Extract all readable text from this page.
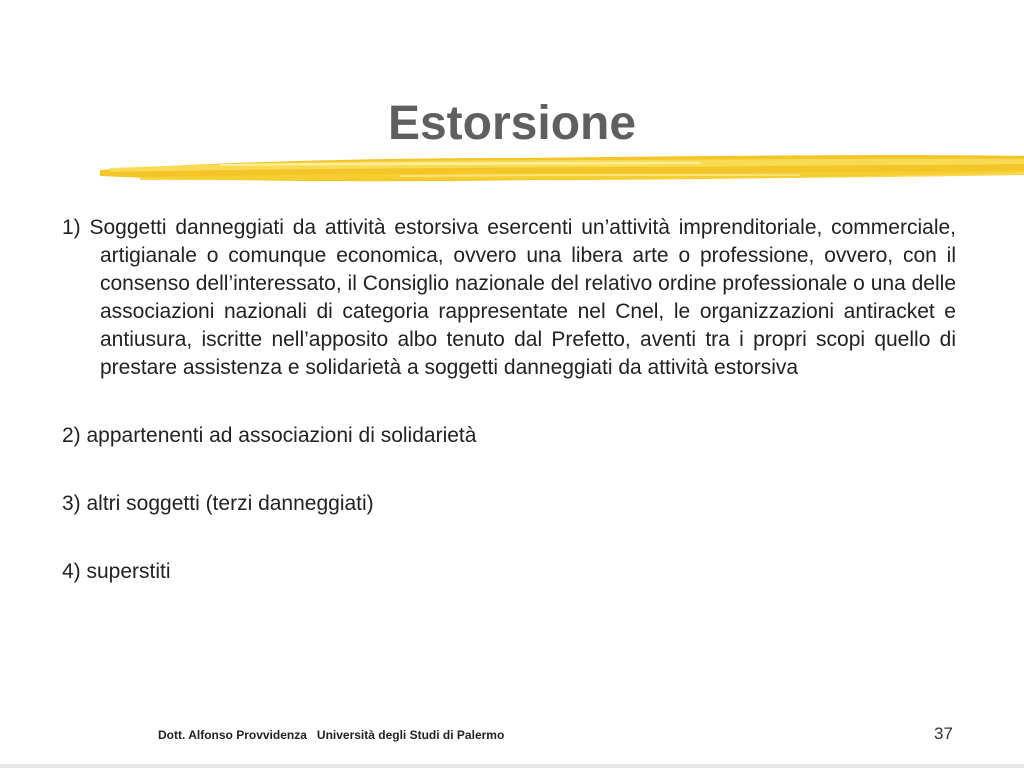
Estorsione

1) Soggetti danneggiati da attività estorsiva esercenti un’attività imprenditoriale, commerciale, artigianale o comunque economica, ovvero una libera arte o professione, ovvero, con il consenso dell’interessato, il Consiglio nazionale del relativo ordine professionale o una delle associazioni nazionali di categoria rappresentate nel Cnel, le organizzazioni antiracket e antiusura, iscritte nell’apposito albo tenuto dal Prefetto, aventi tra i propri scopi quello di prestare assistenza e solidarietà a soggetti danneggiati da attività estorsiva

2) appartenenti ad associazioni di solidarietà

3) altri soggetti (terzi danneggiati)

4) superstiti

Dott. Alfonso Provvidenza Università degli Studi di Palermo	37
